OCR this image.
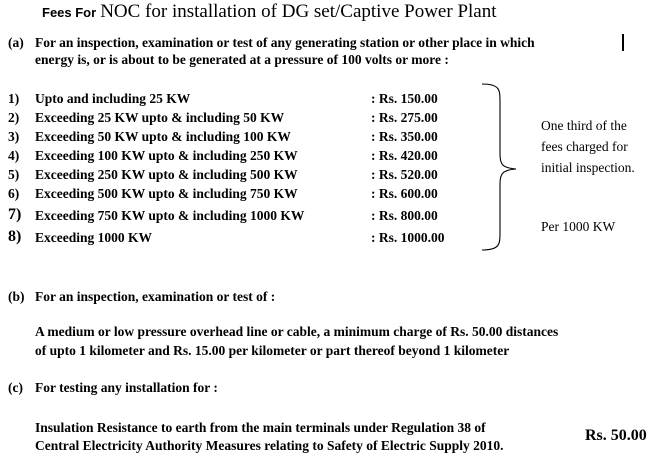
Fees For NOC for installation of DG set/Captive Power Plant
(a) For an inspection, examination or test of any generating station or other place in which
energy is, or is about to be generated at a pressure of 100 volts or more :
1) Upto and including 25 KW	: Rs. 150.00
2) Exceeding 25 KW upto & including 50 KW	: Rs. 275.00
3) Exceeding 50 KW upto & including 100 KW	: Rs. 350.00
4) Exceeding 100 KW upto & including 250 KW	: Rs. 420.00
5) Exceeding 250 KW upto & including 500 KW	: Rs. 520.00
6) Exceeding 500 KW upto & including 750 KW	: Rs. 600.00
7) Exceeding 750 KW upto & including 1000 KW	: Rs. 800.00
8) Exceeding 1000 KW	: Rs. 1000.00
One third of the
fees charged for
initial inspection.
Per 1000 KW
(b) For an inspection, examination or test of :
A medium or low pressure overhead line or cable, a minimum charge of Rs. 50.00 distances
of upto 1 kilometer and Rs. 15.00 per kilometer or part thereof beyond 1 kilometer
(c) For testing any installation for :
Insulation Resistance to earth from the main terminals under Regulation 38 of
Central Electricity Authority Measures relating to Safety of Electric Supply 2010.
Rs. 50.00
